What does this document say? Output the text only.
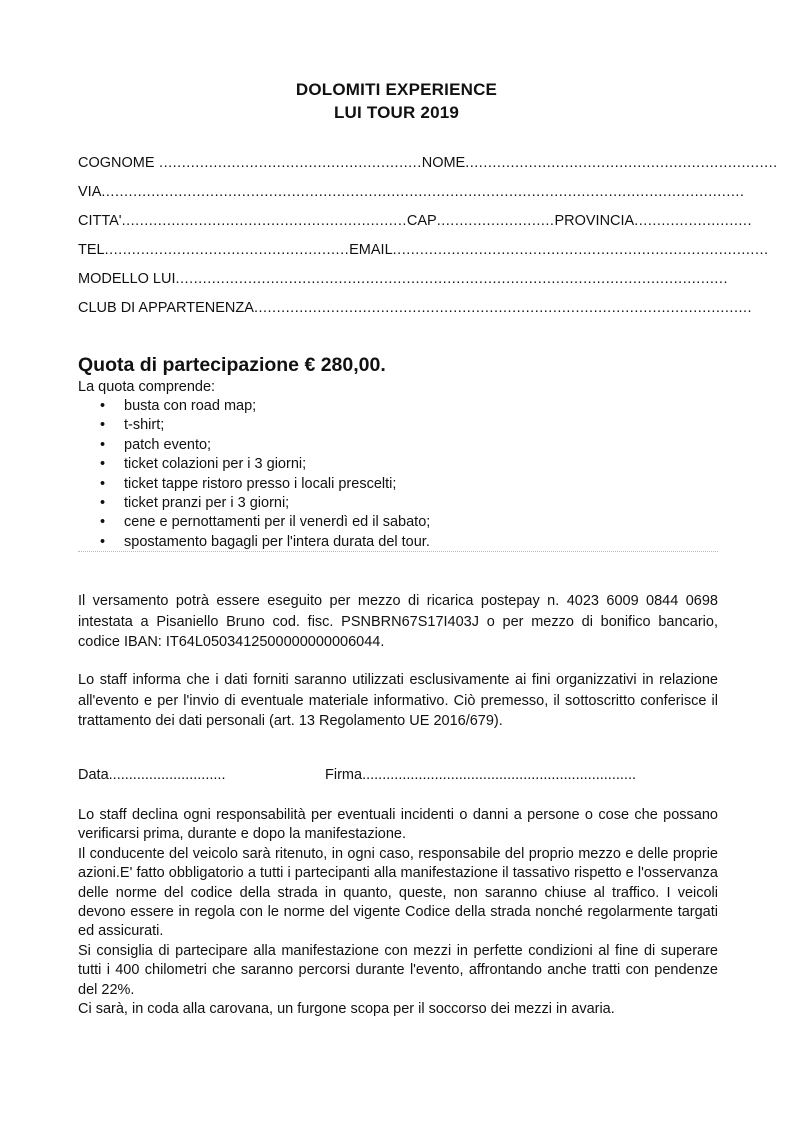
DOLOMITI EXPERIENCE
LUI TOUR 2019
COGNOME ..........................................................NOME.....................................................................
VIA..............................................................................................................................................
CITTA'...............................................................CAP..........................PROVINCIA..........................
TEL......................................................EMAIL...................................................................................
MODELLO LUI..........................................................................................................................
CLUB DI APPARTENENZA..............................................................................................................
Quota di partecipazione € 280,00.
La quota comprende:
• busta con road map;
• t-shirt;
• patch evento;
• ticket colazioni per i 3 giorni;
• ticket tappe ristoro presso i locali prescelti;
• ticket pranzi per i 3 giorni;
• cene e pernottamenti per il venerdì ed il sabato;
• spostamento bagagli per l'intera durata del tour.
Il versamento potrà essere eseguito per mezzo di ricarica postepay n. 4023 6009 0844 0698 intestata a Pisaniello Bruno cod. fisc. PSNBRN67S17I403J o per mezzo di bonifico bancario, codice IBAN: IT64L0503412500000000006044.
Lo staff informa che i dati forniti saranno utilizzati esclusivamente ai fini organizzativi in relazione all'evento e per l'invio di eventuale materiale informativo. Ciò premesso, il sottoscritto conferisce il trattamento dei dati personali (art. 13 Regolamento UE 2016/679).
Data.............................	Firma....................................................................
Lo staff declina ogni responsabilità per eventuali incidenti o danni a persone o cose che possano verificarsi prima, durante e dopo la manifestazione.
Il conducente del veicolo sarà ritenuto, in ogni caso, responsabile del proprio mezzo e delle proprie azioni.E' fatto obbligatorio a tutti i partecipanti alla manifestazione il tassativo rispetto e l'osservanza delle norme del codice della strada in quanto, queste, non saranno chiuse al traffico. I veicoli devono essere in regola con le norme del vigente Codice della strada nonché regolarmente targati ed assicurati.
Si consiglia di partecipare alla manifestazione con mezzi in perfette condizioni al fine di superare tutti i 400 chilometri che saranno percorsi durante l'evento, affrontando anche tratti con pendenze del 22%.
Ci sarà, in coda alla carovana, un furgone scopa per il soccorso dei mezzi in avaria.
